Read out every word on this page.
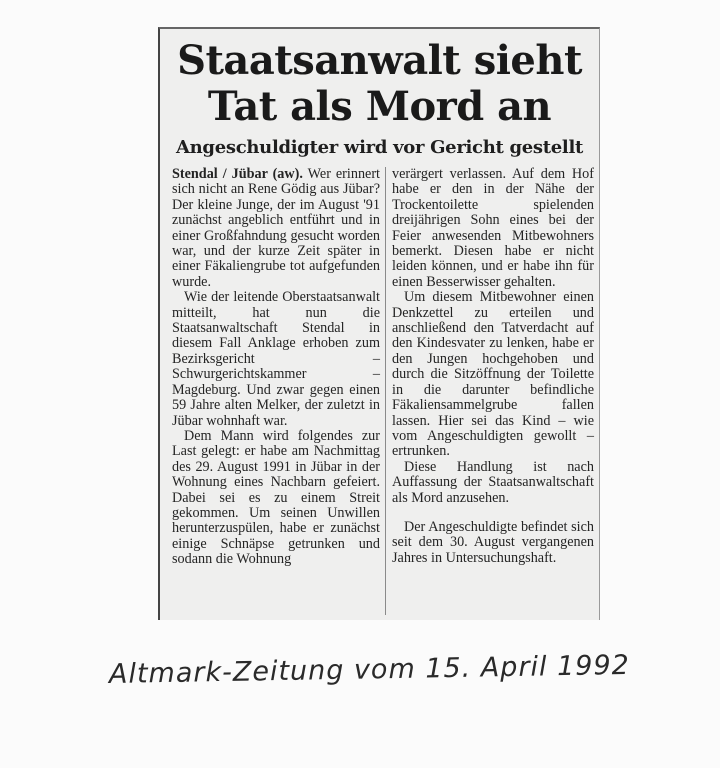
Staatsanwalt sieht
Tat als Mord an
Angeschuldigter wird vor Gericht gestellt

Stendal / Jübar (aw). Wer erinnert sich nicht an Rene Gödig aus Jübar? Der kleine Junge, der im August '91 zunächst angeblich entführt und in einer Großfahndung gesucht worden war, und der kurze Zeit später in einer Fäkaliengrube tot aufgefunden wurde.

Wie der leitende Oberstaatsanwalt mitteilt, hat nun die Staatsanwaltschaft Stendal in diesem Fall Anklage erhoben zum Bezirksgericht – Schwurgerichtskammer – Magdeburg. Und zwar gegen einen 59 Jahre alten Melker, der zuletzt in Jübar wohnhaft war.

Dem Mann wird folgendes zur Last gelegt: er habe am Nachmittag des 29. August 1991 in Jübar in der Wohnung eines Nachbarn gefeiert. Dabei sei es zu einem Streit gekommen. Um seinen Unwillen herunterzuspülen, habe er zunächst einige Schnäpse getrunken und sodann die Wohnung

verärgert verlassen. Auf dem Hof habe er den in der Nähe der Trockentoilette spielenden dreijährigen Sohn eines bei der Feier anwesenden Mitbewohners bemerkt. Diesen habe er nicht leiden können, und er habe ihn für einen Besserwisser gehalten.

Um diesem Mitbewohner einen Denkzettel zu erteilen und anschließend den Tatverdacht auf den Kindesvater zu lenken, habe er den Jungen hochgehoben und durch die Sitzöffnung der Toilette in die darunter befindliche Fäkaliensammelgrube fallen lassen. Hier sei das Kind – wie vom Angeschuldigten gewollt – ertrunken.

Diese Handlung ist nach Auffassung der Staatsanwaltschaft als Mord anzusehen.

Der Angeschuldigte befindet sich seit dem 30. August vergangenen Jahres in Untersuchungshaft.

Altmark-Zeitung vom 15. April 1992
